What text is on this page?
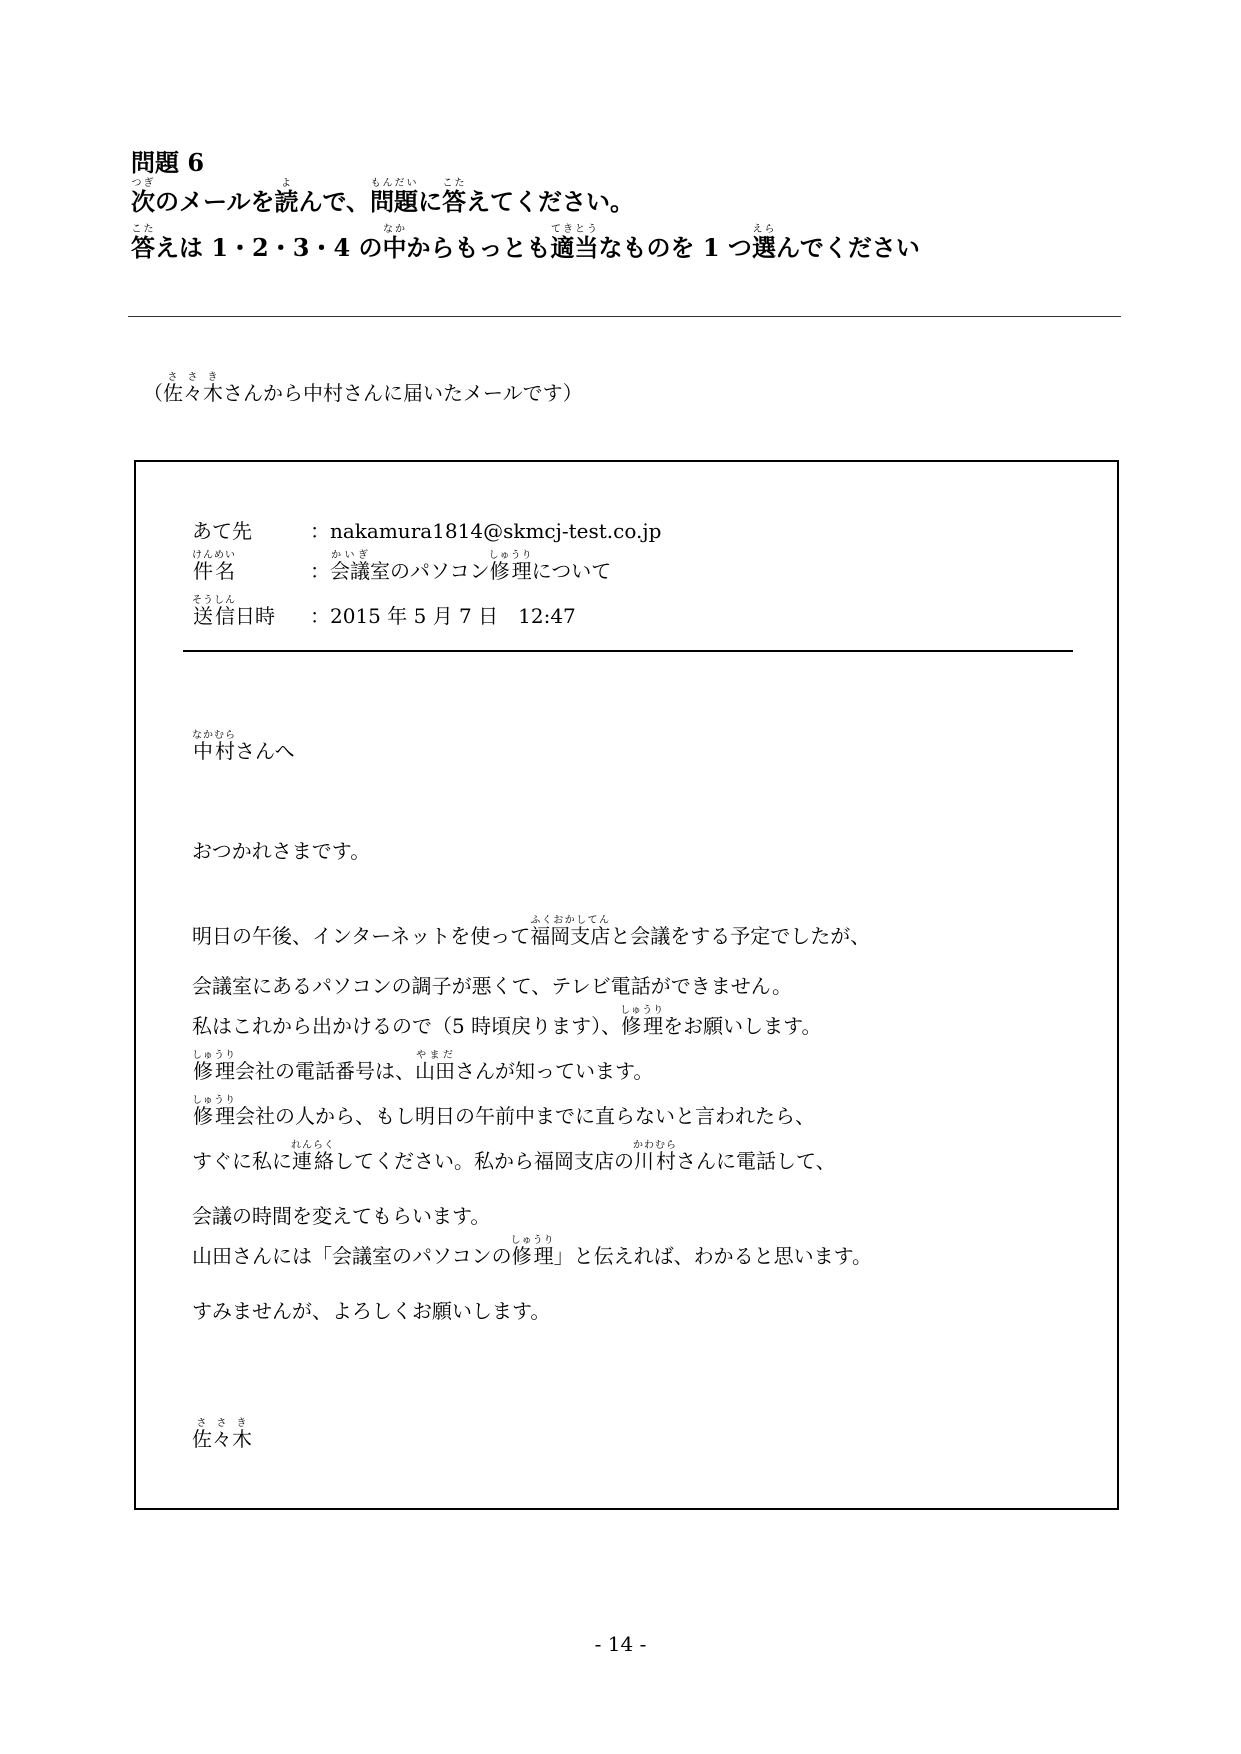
問題 6
次つぎのメールを読よんで、問題もんだいに答こたえてください。
答こたえは 1・2・3・4 の中なかからもっとも適当てきとうなものを 1 つ選えらんでください
（佐々木ささきさんから中村さんに届いたメールです）
あて先	：nakamura1814@skmcj-test.co.jp
件名けんめい：会議かいぎ室のパソコン修理しゅうりについて
送信そうしん日時 ：2015 年 5 月 7 日　12:47
中村なかむらさんへ
おつかれさまです。
明日の午後、インターネットを使って福岡支店ふくおかしてんと会議をする予定でしたが、
会議室にあるパソコンの調子が悪くて、テレビ電話ができません。
私はこれから出かけるので（5 時頃戻ります）、修理しゅうりをお願いします。
修理しゅうり会社の電話番号は、山田やまださんが知っています。
修理しゅうり会社の人から、もし明日の午前中までに直らないと言われたら、
すぐに私に連絡れんらくしてください。私から福岡支店の川村かわむらさんに電話して、
会議の時間を変えてもらいます。
山田さんには「会議室のパソコンの修理しゅうり」と伝えれば、わかると思います。
すみませんが、よろしくお願いします。
佐々木ささき
- 14 -
